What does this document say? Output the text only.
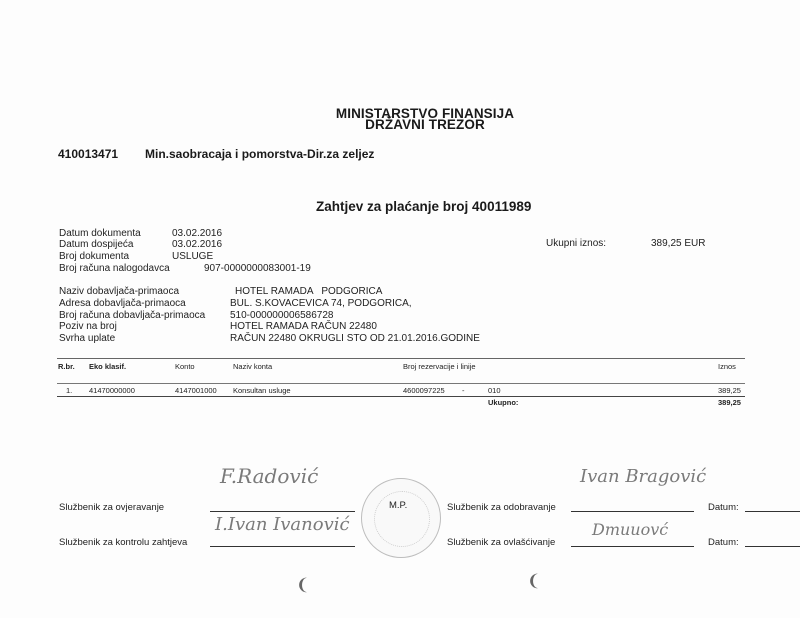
MINISTARSTVO FINANSIJA
DRŽAVNI TREZOR
410013471 Min.saobracaja i pomorstva-Dir.za zeljez
Zahtjev za plaćanje broj 40011989
Datum dokumenta	03.02.2016
Datum dospijeća	03.02.2016
Broj dokumenta	USLUGE
Broj računa nalogodavca	907-0000000083001-19
Ukupni iznos:	389,25 EUR
Naziv dobavljača-primaoca	HOTEL RAMADA   PODGORICA
Adresa dobavljača-primaoca	BUL. S.KOVACEVICA 74, PODGORICA,
Broj računa dobavljača-primaoca 510-000000006586728
Poziv na broj	HOTEL RAMADA RAČUN 22480
Svrha uplate	RAČUN 22480 OKRUGLI STO OD 21.01.2016.GODINE
R.br. Eko klasif.	Konto	Naziv konta	Broj rezervacije i linije	Iznos
1. 41470000000	4147001000 Konsultan usluge	4600097225 -	010	389,25
Ukupno:	389,25
F.Radović
Službenik za ovjeravanje
I.Ivan Ivanović
Službenik za kontrolu zahtjeva
M.P.
Ivan Bragović
Službenik za odobravanje	Datum:
Dmuuovć
Službenik za ovlašćivanje	Datum:
❨	❨
